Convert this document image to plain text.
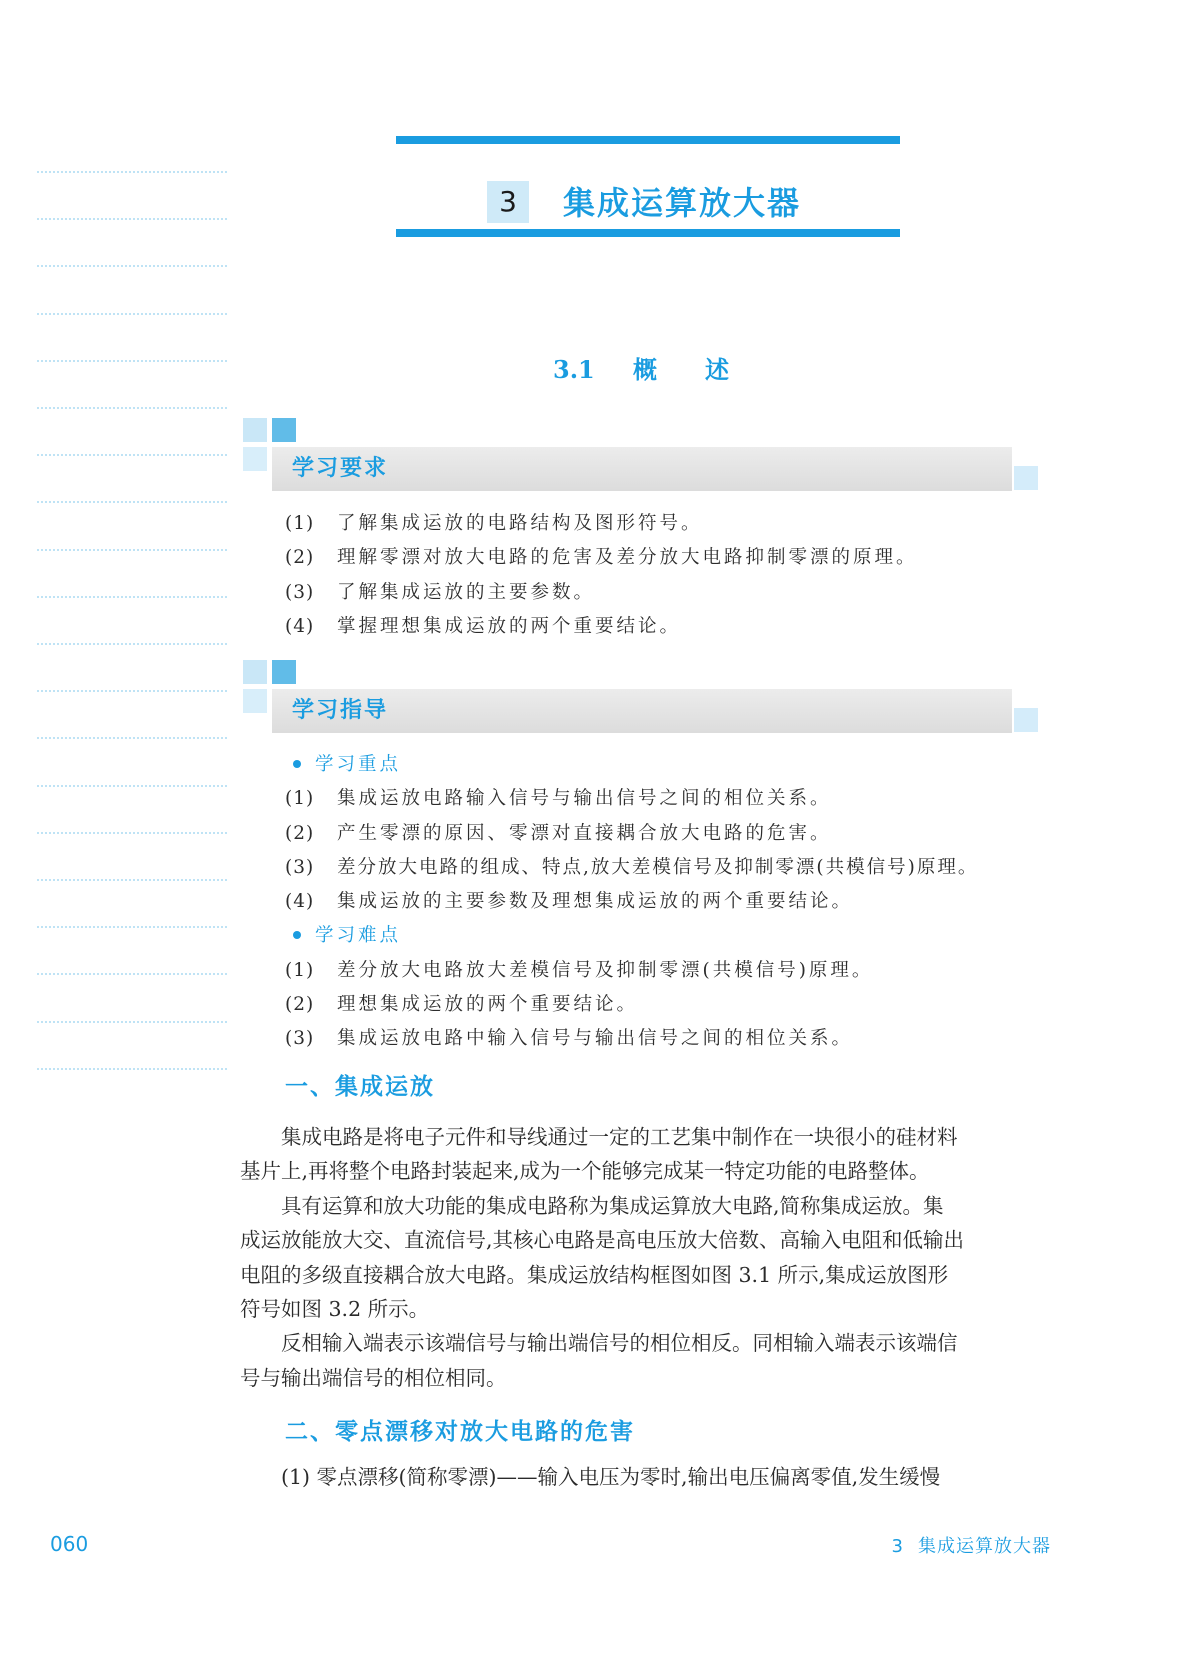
3	集成运算放大器
3.1 概述
学习要求
(1) 了解集成运放的电路结构及图形符号。
(2) 理解零漂对放大电路的危害及差分放大电路抑制零漂的原理。
(3) 了解集成运放的主要参数。
(4) 掌握理想集成运放的两个重要结论。
学习指导
学习重点
(1) 集成运放电路输入信号与输出信号之间的相位关系。
(2) 产生零漂的原因、零漂对直接耦合放大电路的危害。
(3) 差分放大电路的组成、特点,放大差模信号及抑制零漂(共模信号)原理。
(4) 集成运放的主要参数及理想集成运放的两个重要结论。
学习难点
(1) 差分放大电路放大差模信号及抑制零漂(共模信号)原理。
(2) 理想集成运放的两个重要结论。
(3) 集成运放电路中输入信号与输出信号之间的相位关系。
一、集成运放

集成电路是将电子元件和导线通过一定的工艺集中制作在一块很小的硅材料

基片上,再将整个电路封装起来,成为一个能够完成某一特定功能的电路整体。

具有运算和放大功能的集成电路称为集成运算放大电路,简称集成运放。集

成运放能放大交、直流信号,其核心电路是高电压放大倍数、高输入电阻和低输出

电阻的多级直接耦合放大电路。集成运放结构框图如图 3.1 所示,集成运放图形

符号如图 3.2 所示。

反相输入端表示该端信号与输出端信号的相位相反。同相输入端表示该端信

号与输出端信号的相位相同。

二、零点漂移对放大电路的危害

(1) 零点漂移(简称零漂)——输入电压为零时,输出电压偏离零值,发生缓慢

060	3 集成运算放大器
